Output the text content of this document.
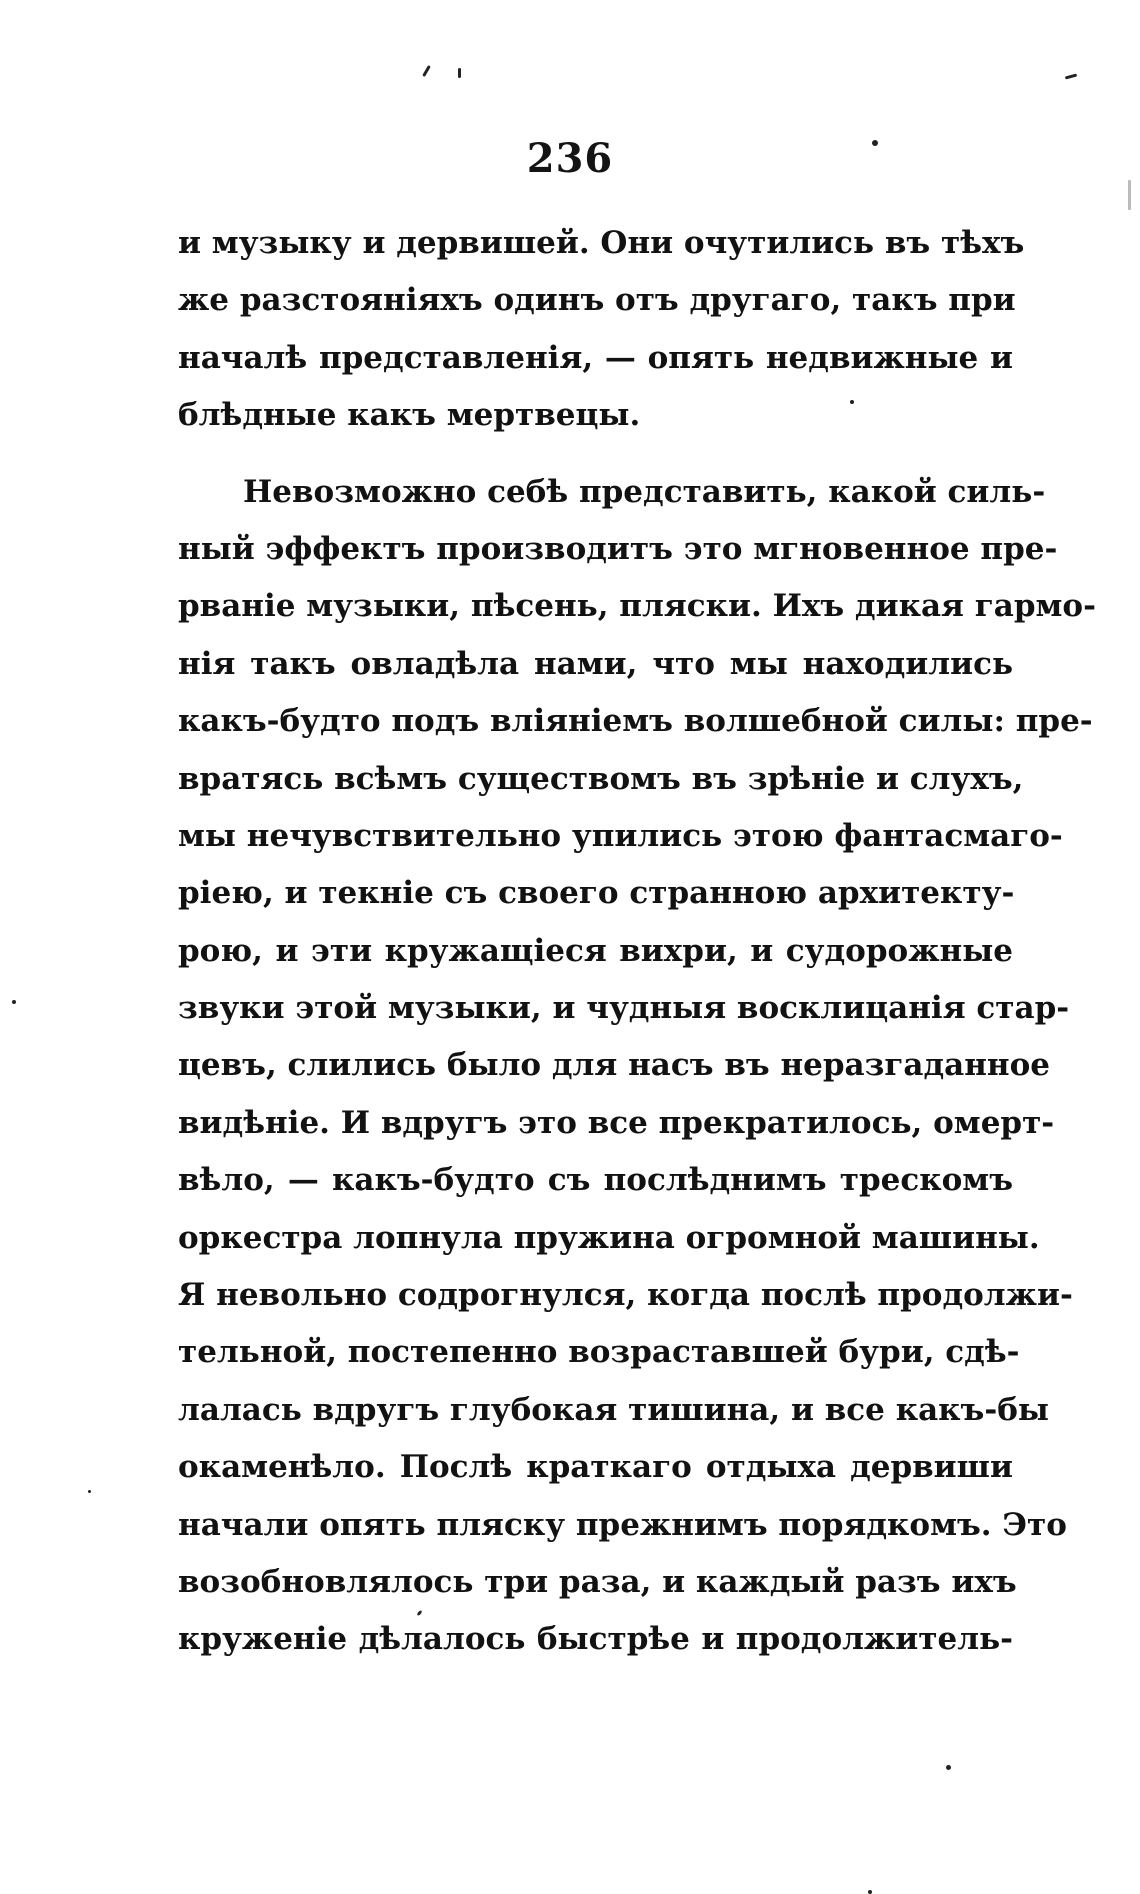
236
и музыку и дервишей. Они очутились въ тѣхъ
же разстояніяхъ одинъ отъ другаго, такъ при
началѣ представленія, — опять недвижные и
блѣдные какъ мертвецы.
Невозможно себѣ представить, какой силь-
ный эффектъ производитъ это мгновенное пре-
рваніе музыки, пѣсень, пляски. Ихъ дикая гармо-
нія такъ овладѣла нами, что мы находились
какъ-будто подъ вліяніемъ волшебной силы: пре-
вратясь всѣмъ существомъ въ зрѣніе и слухъ,
мы нечувствительно упились этою фантасмаго-
ріею, и текніе съ своего странною архитекту-
рою, и эти кружащіеся вихри, и судорожные
звуки этой музыки, и чудныя восклицанія стар-
цевъ, слились было для насъ въ неразгаданное
видѣніе. И вдругъ это все прекратилось, омерт-
вѣло, — какъ-будто съ послѣднимъ трескомъ
оркестра лопнула пружина огромной машины.
Я невольно содрогнулся, когда послѣ продолжи-
тельной, постепенно возраставшей бури, сдѣ-
лалась вдругъ глубокая тишина, и все какъ-бы
окаменѣло. Послѣ краткаго отдыха дервиши
начали опять пляску прежнимъ порядкомъ. Это
возобновлялось три раза, и каждый разъ ихъ
круженіе дѣлалось быстрѣе и продолжитель-
